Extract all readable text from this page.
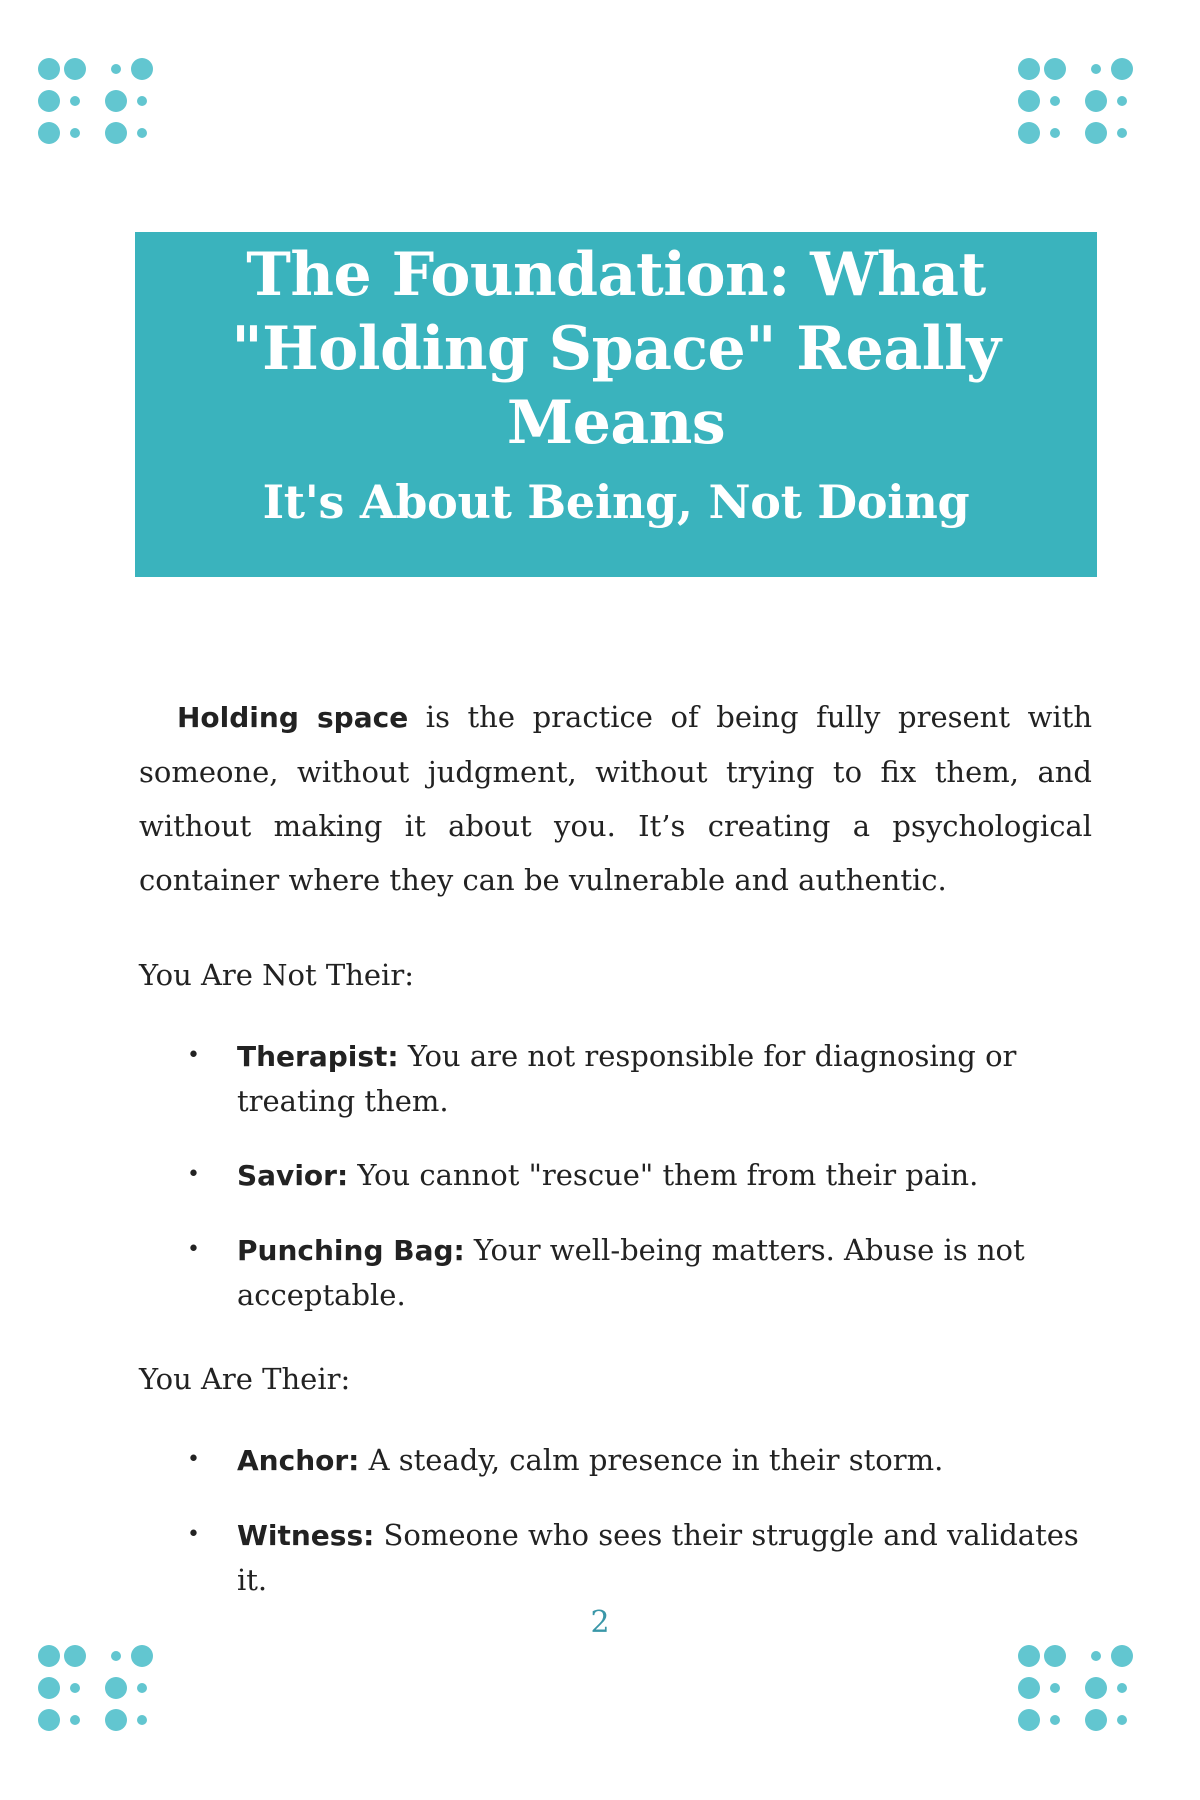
The Foundation: What "Holding Space" Really Means
It's About Being, Not Doing

Holding space is the practice of being fully present with someone, without judgment, without trying to fix them, and without making it about you. It’s creating a psychological container where they can be vulnerable and authentic.

You Are Not Their:
• Therapist: You are not responsible for diagnosing or treating them.
• Savior: You cannot "rescue" them from their pain.
• Punching Bag: Your well-being matters. Abuse is not acceptable.
You Are Their:
• Anchor: A steady, calm presence in their storm.
• Witness: Someone who sees their struggle and validates it.
2
